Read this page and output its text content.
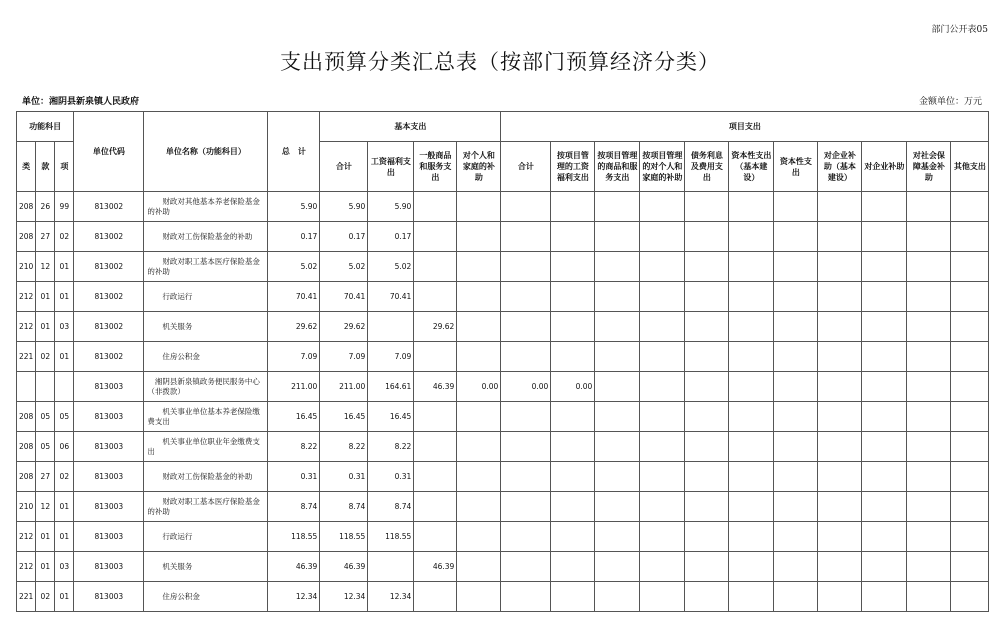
部门公开表05
支出预算分类汇总表（按部门预算经济分类）
单位：湘阴县新泉镇人民政府	金额单位：万元
功能科目			单位代码	单位名称（功能科目）	总　计	基本支出				项目支出										
类	款	项				合计	工资福利支出	一般商品和服务支出	对个人和家庭的补助	合计	按项目管理的工资福利支出	按项目管理的商品和服务支出	按项目管理的对个人和家庭的补助	债务利息及费用支出	资本性支出（基本建设）	资本性支出	对企业补助（基本建设）	对企业补助	对社会保障基金补助	其他支出
208	26	99	813002	　　财政对其他基本养老保险基金的补助	5.90	5.90	5.90													
208	27	02	813002	　　财政对工伤保险基金的补助	0.17	0.17	0.17													
210	12	01	813002	　　财政对职工基本医疗保险基金的补助	5.02	5.02	5.02													
212	01	01	813002	　　行政运行	70.41	70.41	70.41													
212	01	03	813002	　　机关服务	29.62	29.62		29.62												
221	02	01	813002	　　住房公积金	7.09	7.09	7.09													
			813003	　湘阴县新泉镇政务便民服务中心（非拨款）	211.00	211.00	164.61	46.39	0.00	0.00	0.00									
208	05	05	813003	　　机关事业单位基本养老保险缴费支出	16.45	16.45	16.45													
208	05	06	813003	　　机关事业单位职业年金缴费支出	8.22	8.22	8.22													
208	27	02	813003	　　财政对工伤保险基金的补助	0.31	0.31	0.31													
210	12	01	813003	　　财政对职工基本医疗保险基金的补助	8.74	8.74	8.74													
212	01	01	813003	　　行政运行	118.55	118.55	118.55													
212	01	03	813003	　　机关服务	46.39	46.39		46.39												
221	02	01	813003	　　住房公积金	12.34	12.34	12.34													
